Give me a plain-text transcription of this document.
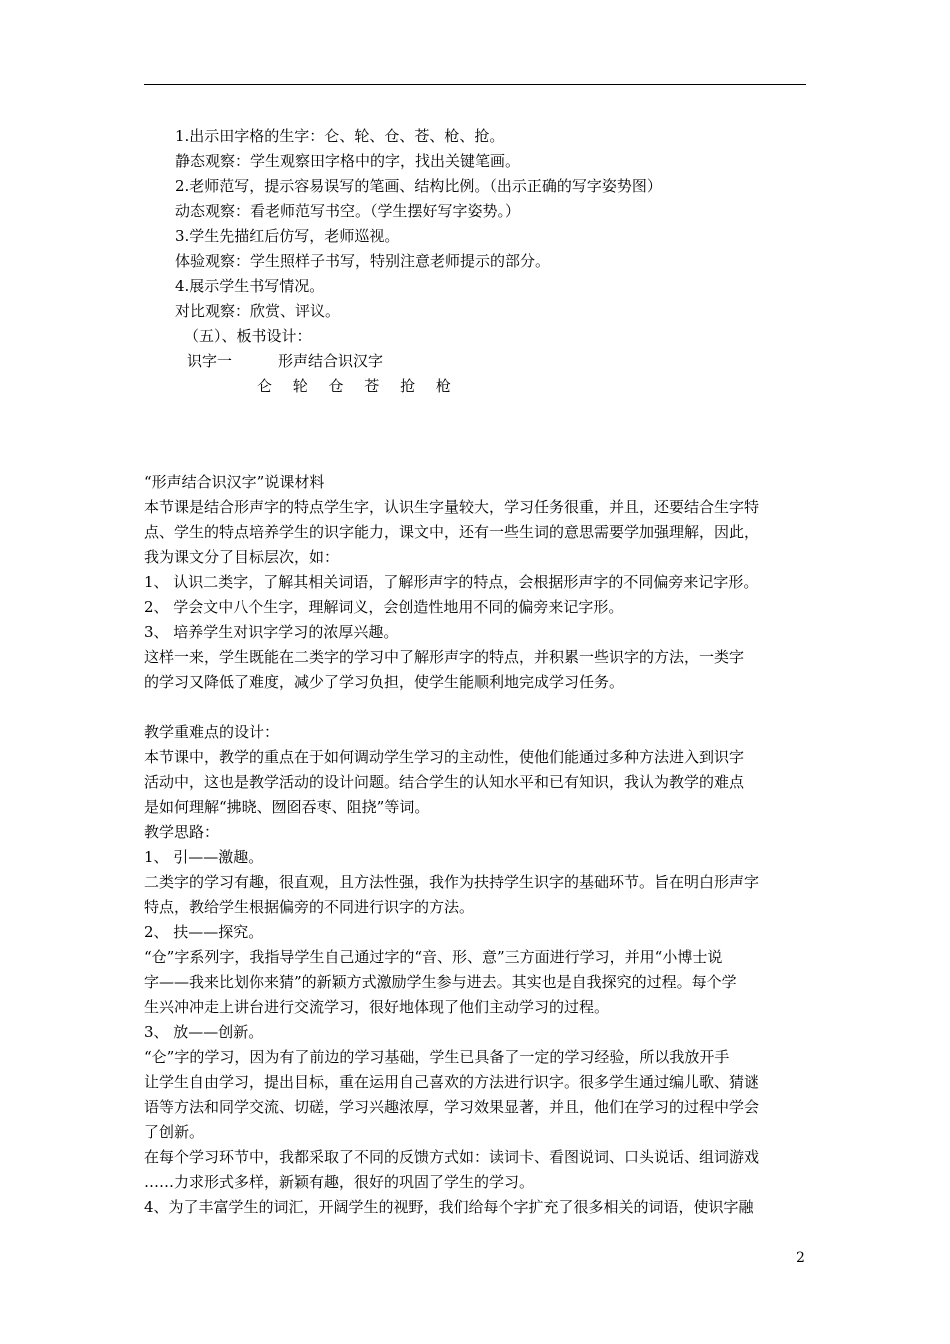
1.出示田字格的生字：仑、轮、仓、苍、枪、抢。
静态观察：学生观察田字格中的字，找出关键笔画。
2.老师范写，提示容易误写的笔画、结构比例。（出示正确的写字姿势图）
动态观察：看老师范写书空。（学生摆好写字姿势。）
3.学生先描红后仿写，老师巡视。
体验观察：学生照样子书写，特别注意老师提示的部分。
4.展示学生书写情况。
对比观察：欣赏、评议。
（五）、板书设计：
识字一	形声结合识汉字
仑 轮 仓 苍 抢 枪
“形声结合识汉字”说课材料
本节课是结合形声字的特点学生字，认识生字量较大，学习任务很重，并且，还要结合生字特
点、学生的特点培养学生的识字能力，课文中，还有一些生词的意思需要学加强理解，因此，
我为课文分了目标层次，如：
1、 认识二类字，了解其相关词语，了解形声字的特点，会根据形声字的不同偏旁来记字形。
2、 学会文中八个生字，理解词义，会创造性地用不同的偏旁来记字形。
3、 培养学生对识字学习的浓厚兴趣。
这样一来，学生既能在二类字的学习中了解形声字的特点，并积累一些识字的方法，一类字
的学习又降低了难度，减少了学习负担，使学生能顺利地完成学习任务。
教学重难点的设计：
本节课中，教学的重点在于如何调动学生学习的主动性，使他们能通过多种方法进入到识字
活动中，这也是教学活动的设计问题。结合学生的认知水平和已有知识，我认为教学的难点
是如何理解“拂晓、囫囵吞枣、阻挠”等词。
教学思路：
1、 引——激趣。
二类字的学习有趣，很直观，且方法性强，我作为扶持学生识字的基础环节。旨在明白形声字
特点，教给学生根据偏旁的不同进行识字的方法。
2、 扶——探究。
“仓”字系列字，我指导学生自己通过字的“音、形、意”三方面进行学习，并用“小博士说
字——我来比划你来猜”的新颖方式激励学生参与进去。其实也是自我探究的过程。每个学
生兴冲冲走上讲台进行交流学习，很好地体现了他们主动学习的过程。
3、 放——创新。
“仑”字的学习，因为有了前边的学习基础，学生已具备了一定的学习经验，所以我放开手
让学生自由学习，提出目标，重在运用自己喜欢的方法进行识字。很多学生通过编儿歌、猜谜
语等方法和同学交流、切磋，学习兴趣浓厚，学习效果显著，并且，他们在学习的过程中学会
了创新。
在每个学习环节中，我都采取了不同的反馈方式如：读词卡、看图说词、口头说话、组词游戏
……力求形式多样，新颖有趣，很好的巩固了学生的学习。
4、为了丰富学生的词汇，开阔学生的视野，我们给每个字扩充了很多相关的词语，使识字融
2
